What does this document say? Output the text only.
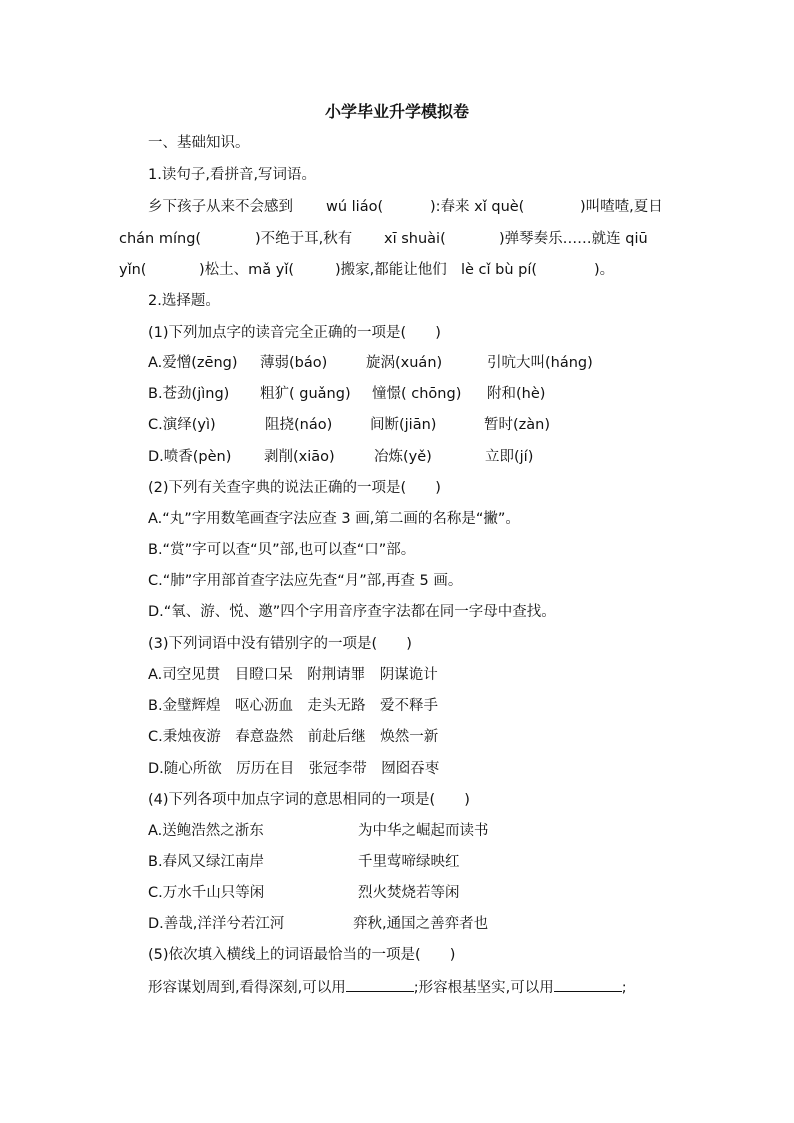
小学毕业升学模拟卷
一、基础知识。
1.读句子,看拼音,写词语。
乡下孩子从来不会感到 wú liáo(	):春来 xǐ què(	)叫喳喳,夏日
chán míng(	)不绝于耳,秋有 xī shuài(	)弹琴奏乐……就连 qiū
yǐn(	)松土、mǎ yǐ(	)搬家,都能让他们 lè cǐ bù pí(	)。
2.选择题。
(1)下列加点字的读音完全正确的一项是(　　)
A.爱憎(zēng) 薄弱(báo)	旋涡(xuán)	引吭大叫(háng)
B.苍劲(jìng) 粗犷( guǎng) 憧憬( chōng) 附和(hè)
C.演绎(yì)	阻挠(náo)	间断(jiān)	暂时(zàn)
D.喷香(pèn) 剥削(xiāo)	冶炼(yě)	立即(jí)
(2)下列有关查字典的说法正确的一项是(　　)
A.“丸”字用数笔画查字法应查 3 画,第二画的名称是“撇”。
B.“赏”字可以查“贝”部,也可以查“口”部。
C.“肺”字用部首查字法应先查“月”部,再查 5 画。
D.“氧、游、悦、邀”四个字用音序查字法都在同一字母中查找。
(3)下列词语中没有错别字的一项是(　　)
A.司空见贯　目瞪口呆　附荆请罪　阴谋诡计
B.金璧辉煌　呕心沥血　走头无路　爱不释手
C.秉烛夜游　春意盎然　前赴后继　焕然一新
D.随心所欲　厉历在目　张冠李带　囫囵吞枣
(4)下列各项中加点字词的意思相同的一项是(　　)
A.送鲍浩然之浙东	为中华之崛起而读书
B.春风又绿江南岸	千里莺啼绿映红
C.万水千山只等闲	烈火焚烧若等闲
D.善哉,洋洋兮若江河	弈秋,通国之善弈者也
(5)依次填入横线上的词语最恰当的一项是(　　)
形容谋划周到,看得深刻,可以用	;形容根基坚实,可以用	;
